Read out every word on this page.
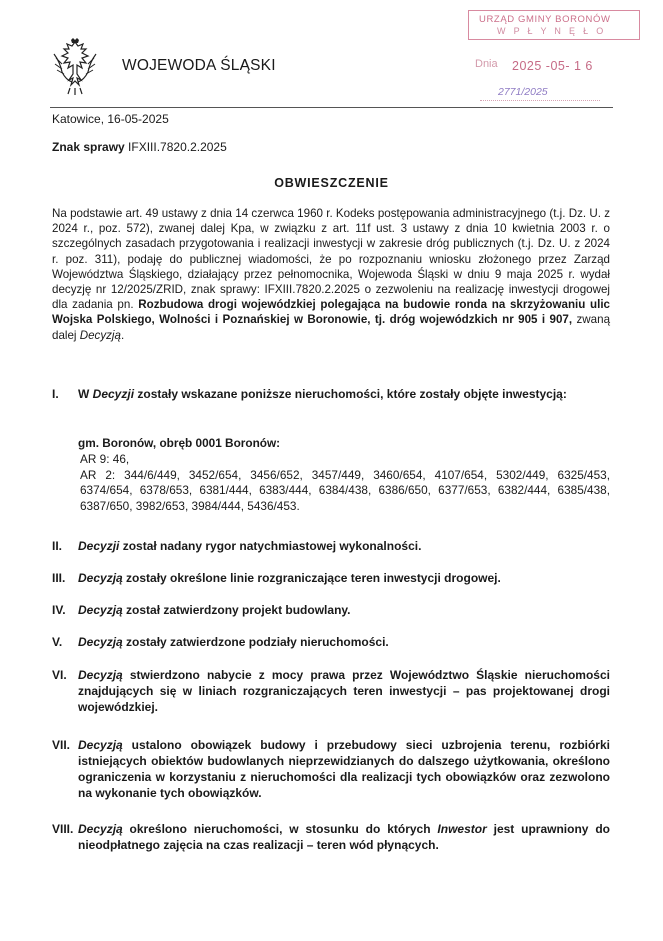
WOJEWODA ŚLĄSKI
URZĄD GMINY BORONÓW
W P Ł Y N Ę Ł O
Dnia 2025 -05- 1 6
2771/2025
Katowice, 16-05-2025
Znak sprawy IFXIII.7820.2.2025
OBWIESZCZENIE
Na podstawie art. 49 ustawy z dnia 14 czerwca 1960 r. Kodeks postępowania administracyjnego (t.j. Dz. U. z 2024 r., poz. 572), zwanej dalej Kpa, w związku z art. 11f ust. 3 ustawy z dnia 10 kwietnia 2003 r. o szczególnych zasadach przygotowania i realizacji inwestycji w zakresie dróg publicznych (t.j. Dz. U. z 2024 r. poz. 311), podaję do publicznej wiadomości, że po rozpoznaniu wniosku złożonego przez Zarząd Województwa Śląskiego, działający przez pełnomocnika, Wojewoda Śląski w dniu 9 maja 2025 r. wydał decyzję nr 12/2025/ZRID, znak sprawy: IFXIII.7820.2.2025 o zezwoleniu na realizację inwestycji drogowej dla zadania pn. Rozbudowa drogi wojewódzkiej polegająca na budowie ronda na skrzyżowaniu ulic Wojska Polskiego, Wolności i Poznańskiej w Boronowie, tj. dróg wojewódzkich nr 905 i 907, zwaną dalej Decyzją.
I. W Decyzji zostały wskazane poniższe nieruchomości, które zostały objęte inwestycją:
gm. Boronów, obręb 0001 Boronów:
AR 9: 46,
AR 2: 344/6/449, 3452/654, 3456/652, 3457/449, 3460/654, 4107/654, 5302/449, 6325/453, 6374/654, 6378/653, 6381/444, 6383/444, 6384/438, 6386/650, 6377/653, 6382/444, 6385/438, 6387/650, 3982/653, 3984/444, 5436/453.
II. Decyzji został nadany rygor natychmiastowej wykonalności.
III. Decyzją zostały określone linie rozgraniczające teren inwestycji drogowej.
IV. Decyzją został zatwierdzony projekt budowlany.
V. Decyzją zostały zatwierdzone podziały nieruchomości.
VI. Decyzją stwierdzono nabycie z mocy prawa przez Województwo Śląskie nieruchomości znajdujących się w liniach rozgraniczających teren inwestycji – pas projektowanej drogi wojewódzkiej.
VII. Decyzją ustalono obowiązek budowy i przebudowy sieci uzbrojenia terenu, rozbiórki istniejących obiektów budowlanych nieprzewidzianych do dalszego użytkowania, określono ograniczenia w korzystaniu z nieruchomości dla realizacji tych obowiązków oraz zezwolono na wykonanie tych obowiązków.
VIII. Decyzją określono nieruchomości, w stosunku do których Inwestor jest uprawniony do nieodpłatnego zajęcia na czas realizacji – teren wód płynących.
